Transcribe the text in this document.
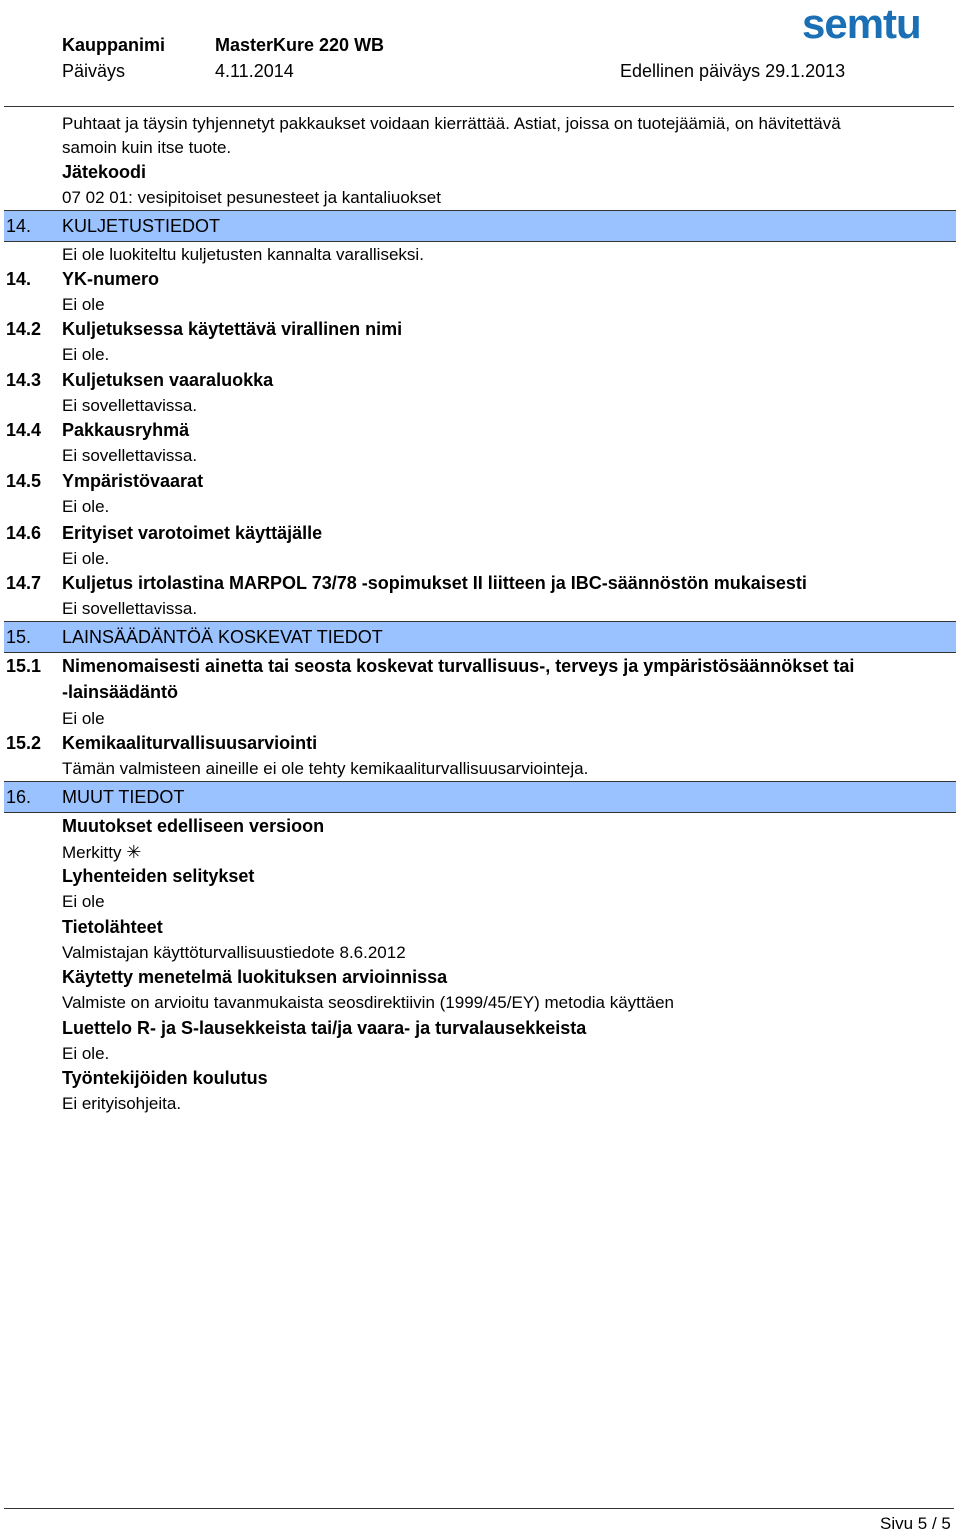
Kauppanimi	MasterKure 220 WB
Päiväys	4.11.2014	Edellinen päiväys 29.1.2013
semtu
Puhtaat ja täysin tyhjennetyt pakkaukset voidaan kierrättää. Astiat, joissa on tuotejäämiä, on hävitettävä
samoin kuin itse tuote.
Jätekoodi
07 02 01: vesipitoiset pesunesteet ja kantaliuokset
14. KULJETUSTIEDOT
Ei ole luokiteltu kuljetusten kannalta varalliseksi.
14. YK-numero
Ei ole
14.2 Kuljetuksessa käytettävä virallinen nimi
Ei ole.
14.3 Kuljetuksen vaaraluokka
Ei sovellettavissa.
14.4 Pakkausryhmä
Ei sovellettavissa.
14.5 Ympäristövaarat
Ei ole.
14.6 Erityiset varotoimet käyttäjälle
Ei ole.
14.7 Kuljetus irtolastina MARPOL 73/78 -sopimukset II liitteen ja IBC-säännöstön mukaisesti
Ei sovellettavissa.
15. LAINSÄÄDÄNTÖÄ KOSKEVAT TIEDOT
15.1 Nimenomaisesti ainetta tai seosta koskevat turvallisuus-, terveys ja ympäristösäännökset tai
-lainsäädäntö
Ei ole
15.2 Kemikaaliturvallisuusarviointi
Tämän valmisteen aineille ei ole tehty kemikaaliturvallisuusarviointeja.
16. MUUT TIEDOT
Muutokset edelliseen versioon
Merkitty ✳
Lyhenteiden selitykset
Ei ole
Tietolähteet
Valmistajan käyttöturvallisuustiedote 8.6.2012
Käytetty menetelmä luokituksen arvioinnissa
Valmiste on arvioitu tavanmukaista seosdirektiivin (1999/45/EY) metodia käyttäen
Luettelo R- ja S-lausekkeista tai/ja vaara- ja turvalausekkeista
Ei ole.
Työntekijöiden koulutus
Ei erityisohjeita.
Sivu 5 / 5
